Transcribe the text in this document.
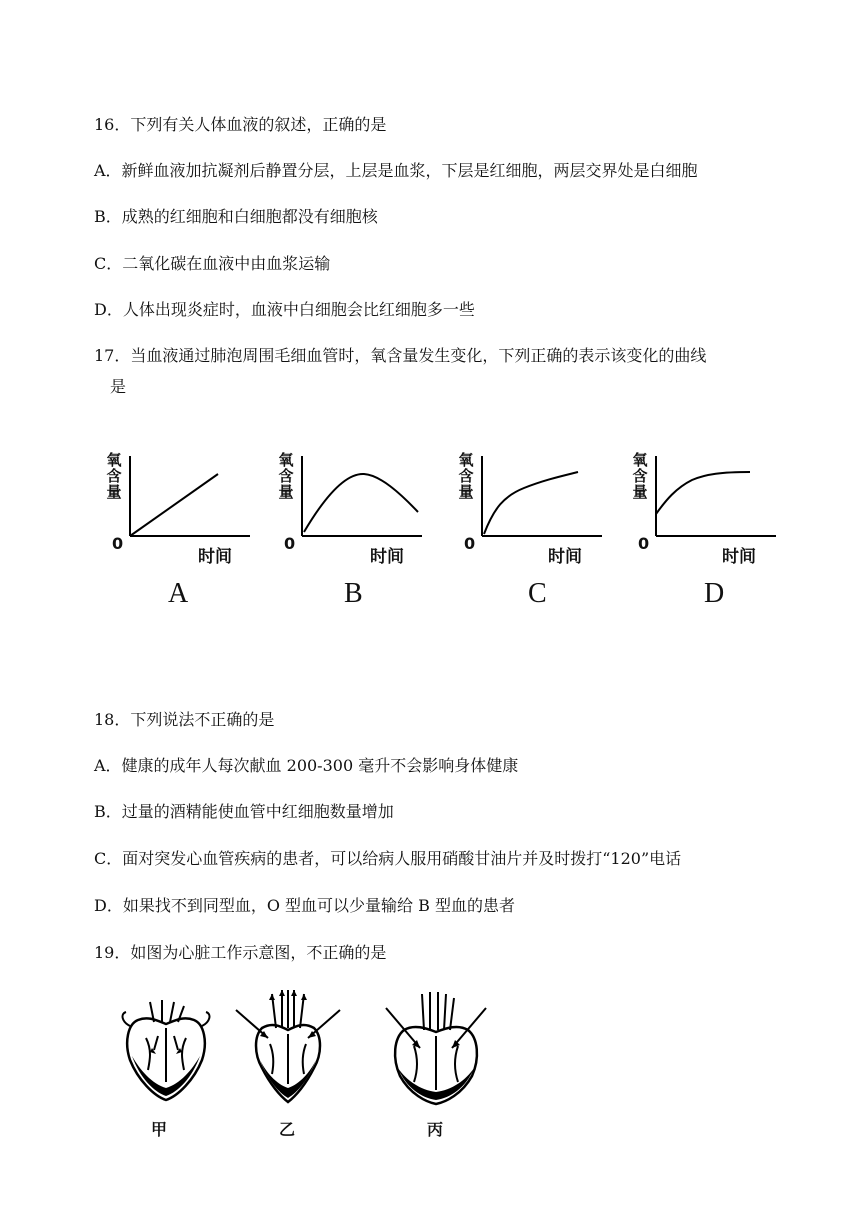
16．下列有关人体血液的叙述，正确的是
A．新鲜血液加抗凝剂后静置分层，上层是血浆，下层是红细胞，两层交界处是白细胞
B．成熟的红细胞和白细胞都没有细胞核
C．二氧化碳在血液中由血浆运输
D．人体出现炎症时，血液中白细胞会比红细胞多一些
17．当血液通过肺泡周围毛细血管时，氧含量发生变化，下列正确的表示该变化的曲线
是
氧
含
量
0
时间
A
氧
含
量
0
时间
B
氧
含
量
0
时间
C
氧
含
量
0
时间
D
18．下列说法不正确的是
A．健康的成年人每次献血 200-300 毫升不会影响身体健康
B．过量的酒精能使血管中红细胞数量增加
C．面对突发心血管疾病的患者，可以给病人服用硝酸甘油片并及时拨打“120”电话
D．如果找不到同型血，O 型血可以少量输给 B 型血的患者
19．如图为心脏工作示意图，不正确的是
甲	乙	丙
